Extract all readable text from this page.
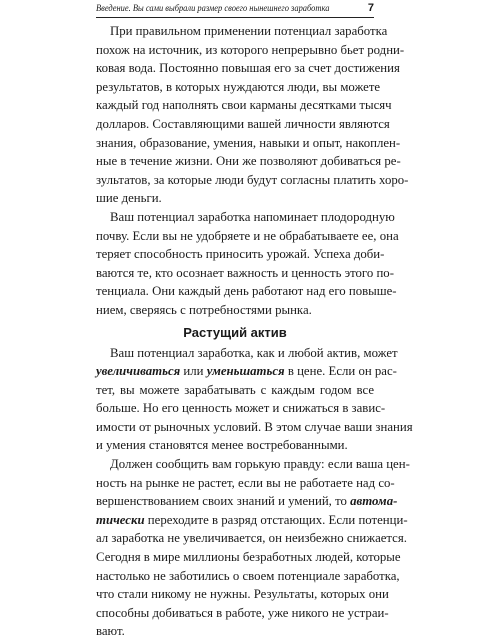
Введение. Вы сами выбрали размер своего нынешнего заработка	7
При правильном применении потенциал заработка
похож на источник, из которого непрерывно бьет родни-
ковая вода. Постоянно повышая его за счет достижения
результатов, в которых нуждаются люди, вы можете
каждый год наполнять свои карманы десятками тысяч
долларов. Составляющими вашей личности являются
знания, образование, умения, навыки и опыт, накоплен-
ные в течение жизни. Они же позволяют добиваться ре-
зультатов, за которые люди будут согласны платить хоро-
шие деньги.
Ваш потенциал заработка напоминает плодородную
почву. Если вы не удобряете и не обрабатываете ее, она
теряет способность приносить урожай. Успеха доби-
ваются те, кто осознает важность и ценность этого по-
тенциала. Они каждый день работают над его повыше-
нием, сверяясь с потребностями рынка.
Растущий актив
Ваш потенциал заработка, как и любой актив, может
увеличиваться или уменьшаться в цене. Если он рас-
тет, вы можете зарабатывать с каждым годом все
больше. Но его ценность может и снижаться в завис-
имости от рыночных условий. В этом случае ваши знания
и умения становятся менее востребованными.
Должен сообщить вам горькую правду: если ваша цен-
ность на рынке не растет, если вы не работаете над со-
вершенствованием своих знаний и умений, то автома-
тически переходите в разряд отстающих. Если потенци-
ал заработка не увеличивается, он неизбежно снижается.
Сегодня в мире миллионы безработных людей, которые
настолько не заботились о своем потенциале заработка,
что стали никому не нужны. Результаты, которых они
способны добиваться в работе, уже никого не устраи-
вают.
